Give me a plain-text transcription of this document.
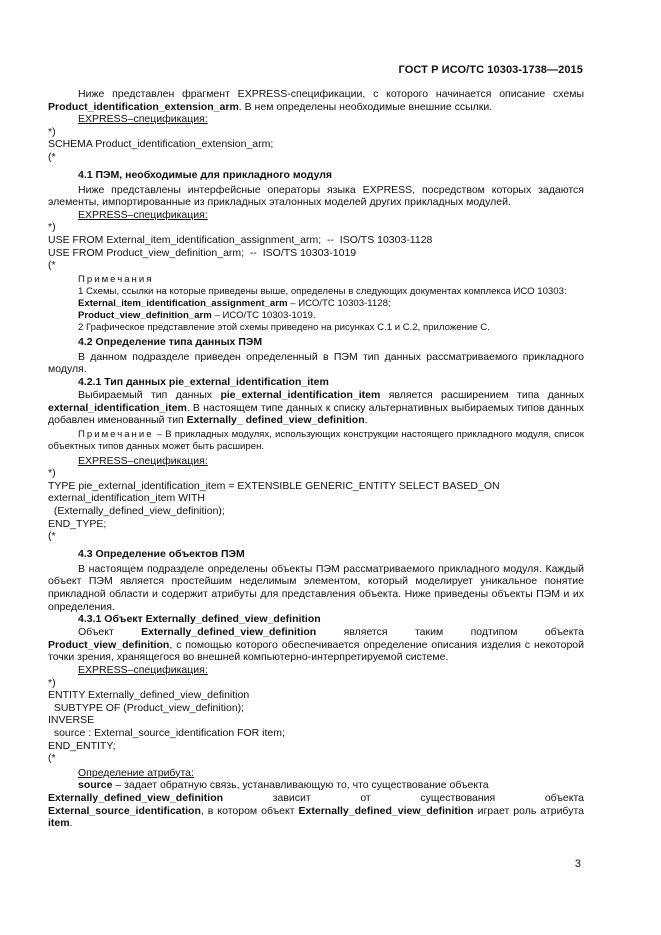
ГОСТ Р ИСО/ТС 10303-1738—2015

Ниже представлен фрагмент EXPRESS-спецификации, с которого начинается описание схемы Product_identification_extension_arm. В нем определены необходимые внешние ссылки.

EXPRESS–спецификация:

*)

SCHEMA Product_identification_extension_arm;

(*

4.1 ПЭМ, необходимые для прикладного модуля

Ниже представлены интерфейсные операторы языка EXPRESS, посредством которых задаются элементы, импортированные из прикладных эталонных моделей других прикладных модулей.

EXPRESS–спецификация:

*)

USE FROM External_item_identification_assignment_arm;  --  ISO/TS 10303-1128

USE FROM Product_view_definition_arm;  --  ISO/TS 10303-1019

(*

Примечания

1 Схемы, ссылки на которые приведены выше, определены в следующих документах комплекса ИСО 10303:

External_item_identification_assignment_arm – ИСО/ТС 10303-1128;

Product_view_definition_arm – ИСО/ТС 10303-1019.

2 Графическое представление этой схемы приведено на рисунках С.1 и С.2, приложение С.

4.2 Определение типа данных ПЭМ

В данном подразделе приведен определенный в ПЭМ тип данных рассматриваемого прикладного модуля.

4.2.1 Тип данных pie_external_identification_item

Выбираемый тип данных pie_external_identification_item является расширением типа данных external_identification_item. В настоящем типе данных к списку альтернативных выбираемых типов данных добавлен именованный тип Externally_ defined_view_definition.

Примечание – В прикладных модулях, использующих конструкции настоящего прикладного модуля, список объектных типов данных может быть расширен.

EXPRESS–спецификация:

*)

TYPE pie_external_identification_item = EXTENSIBLE GENERIC_ENTITY SELECT BASED_ON

external_identification_item WITH

(Externally_defined_view_definition);

END_TYPE;

(*

4.3 Определение объектов ПЭМ

В настоящем подразделе определены объекты ПЭМ рассматриваемого прикладного модуля. Каждый объект ПЭМ является простейшим неделимым элементом, который моделирует уникальное понятие прикладной области и содержит атрибуты для представления объекта. Ниже приведены объекты ПЭМ и их определения.

4.3.1 Объект Externally_defined_view_definition

Объект	Externally_defined_view_definition	является	таким	подтипом	объекта

Product_view_definition, с помощью которого обеспечивается определение описания изделия с некоторой точки зрения, хранящегося во внешней компьютерно-интерпретируемой системе.

EXPRESS–спецификация:

*)

ENTITY Externally_defined_view_definition

SUBTYPE OF (Product_view_definition);

INVERSE

source : External_source_identification FOR item;

END_ENTITY;

(*

Определение атрибута:

source – задает обратную связь, устанавливающую то, что существование объекта

Externally_defined_view_definition	зависит	от	существования	объекта

External_source_identification, в котором объект Externally_defined_view_definition играет роль атрибута item.

3
